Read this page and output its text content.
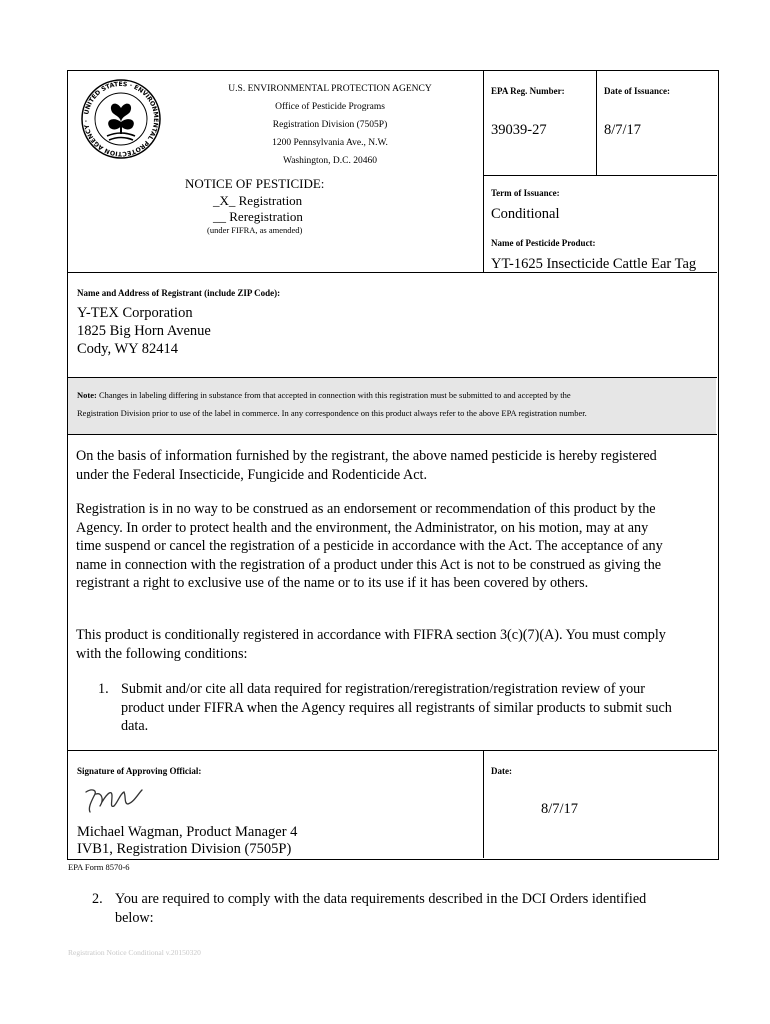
UNITED STATES · ENVIRONMENTAL PROTECTION AGENCY ·
U.S. ENVIRONMENTAL PROTECTION AGENCY
Office of Pesticide Programs
Registration Division (7505P)
1200 Pennsylvania Ave., N.W.
Washington, D.C. 20460
NOTICE OF PESTICIDE:
_X_ Registration
__ Reregistration
(under FIFRA, as amended)
EPA Reg. Number:	Date of Issuance:
39039-27	8/7/17
Term of Issuance:
Conditional
Name of Pesticide Product:
YT-1625 Insecticide Cattle Ear Tag
Name and Address of Registrant (include ZIP Code):
Y-TEX Corporation
1825 Big Horn Avenue
Cody, WY 82414
Note: Changes in labeling differing in substance from that accepted in connection with this registration must be submitted to and accepted by the
Registration Division prior to use of the label in commerce. In any correspondence on this product always refer to the above EPA registration number.
On the basis of information furnished by the registrant, the above named pesticide is hereby registered
under the Federal Insecticide, Fungicide and Rodenticide Act.
Registration is in no way to be construed as an endorsement or recommendation of this product by the
Agency. In order to protect health and the environment, the Administrator, on his motion, may at any
time suspend or cancel the registration of a pesticide in accordance with the Act. The acceptance of any
name in connection with the registration of a product under this Act is not to be construed as giving the
registrant a right to exclusive use of the name or to its use if it has been covered by others.
This product is conditionally registered in accordance with FIFRA section 3(c)(7)(A). You must comply
with the following conditions:
1. Submit and/or cite all data required for registration/reregistration/registration review of your
product under FIFRA when the Agency requires all registrants of similar products to submit such
data.
Signature of Approving Official:
Michael Wagman, Product Manager 4
IVB1, Registration Division (7505P)
Date:
8/7/17
EPA Form 8570-6
2. You are required to comply with the data requirements described in the DCI Orders identified
below:
Registration Notice Conditional v.20150320
